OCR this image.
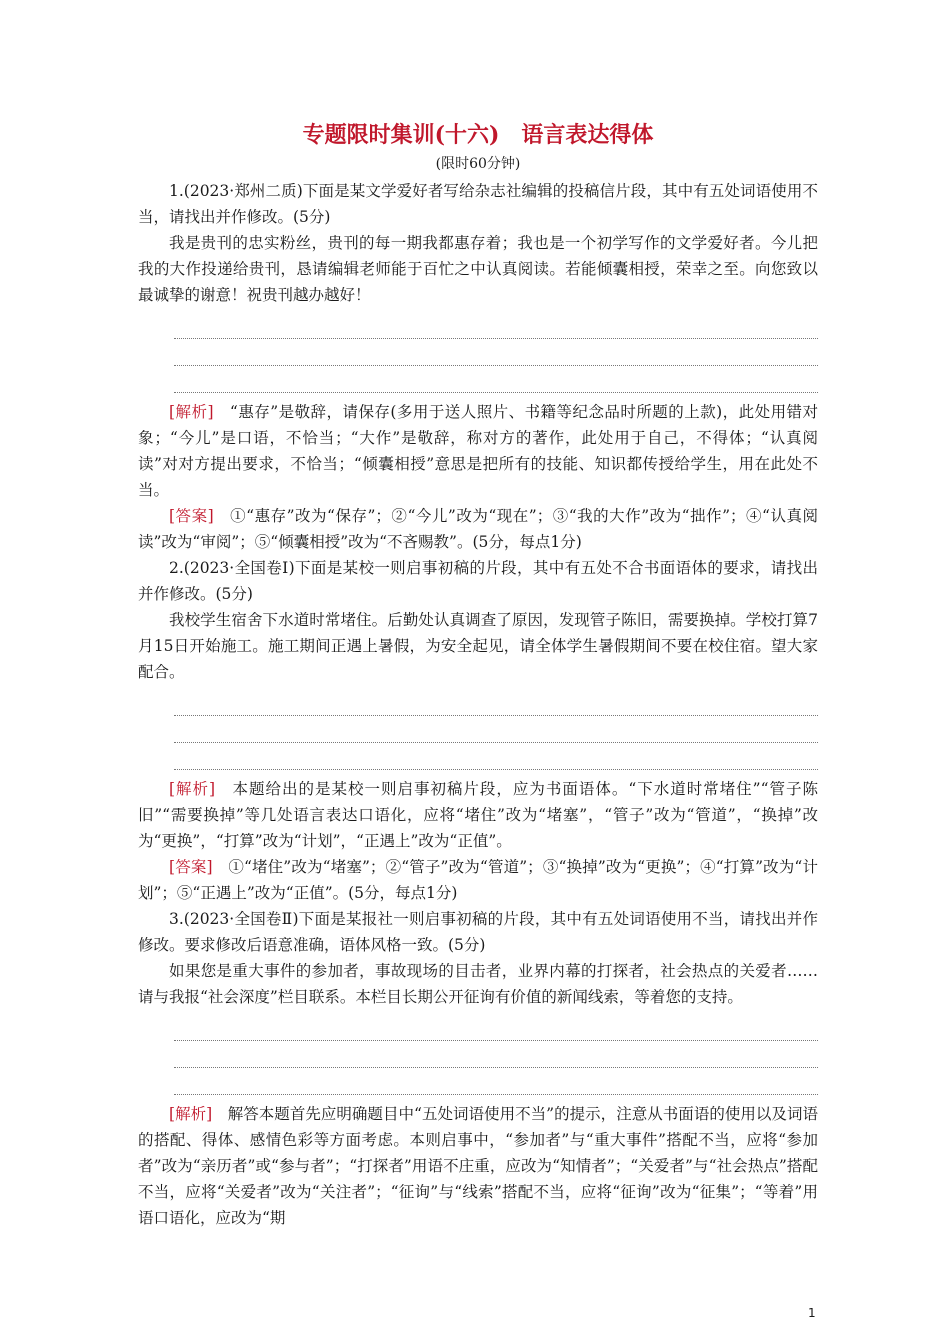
专题限时集训(十六)　语言表达得体
(限时60分钟)

1.(2023·郑州二质)下面是某文学爱好者写给杂志社编辑的投稿信片段，其中有五处词语使用不当，请找出并作修改。(5分)

我是贵刊的忠实粉丝，贵刊的每一期我都惠存着；我也是一个初学写作的文学爱好者。今儿把我的大作投递给贵刊，恳请编辑老师能于百忙之中认真阅读。若能倾囊相授，荣幸之至。向您致以最诚挚的谢意！祝贵刊越办越好！

[解析]　“惠存”是敬辞，请保存(多用于送人照片、书籍等纪念品时所题的上款)，此处用错对象；“今儿”是口语，不恰当；“大作”是敬辞，称对方的著作，此处用于自己，不得体；“认真阅读”对对方提出要求，不恰当；“倾囊相授”意思是把所有的技能、知识都传授给学生，用在此处不当。

[答案]　①“惠存”改为“保存”；②“今儿”改为“现在”；③“我的大作”改为“拙作”；④“认真阅读”改为“审阅”；⑤“倾囊相授”改为“不吝赐教”。(5分，每点1分)

2.(2023·全国卷Ⅰ)下面是某校一则启事初稿的片段，其中有五处不合书面语体的要求，请找出并作修改。(5分)

我校学生宿舍下水道时常堵住。后勤处认真调查了原因，发现管子陈旧，需要换掉。学校打算7月15日开始施工。施工期间正遇上暑假，为安全起见，请全体学生暑假期间不要在校住宿。望大家配合。

[解析]　本题给出的是某校一则启事初稿片段，应为书面语体。“下水道时常堵住”“管子陈旧”“需要换掉”等几处语言表达口语化，应将“堵住”改为“堵塞”，“管子”改为“管道”，“换掉”改为“更换”，“打算”改为“计划”，“正遇上”改为“正值”。

[答案]　①“堵住”改为“堵塞”；②“管子”改为“管道”；③“换掉”改为“更换”；④“打算”改为“计划”；⑤“正遇上”改为“正值”。(5分，每点1分)

3.(2023·全国卷Ⅱ)下面是某报社一则启事初稿的片段，其中有五处词语使用不当，请找出并作修改。要求修改后语意准确，语体风格一致。(5分)

如果您是重大事件的参加者，事故现场的目击者，业界内幕的打探者，社会热点的关爱者……请与我报“社会深度”栏目联系。本栏目长期公开征询有价值的新闻线索，等着您的支持。

[解析]　解答本题首先应明确题目中“五处词语使用不当”的提示，注意从书面语的使用以及词语的搭配、得体、感情色彩等方面考虑。本则启事中，“参加者”与“重大事件”搭配不当，应将“参加者”改为“亲历者”或“参与者”；“打探者”用语不庄重，应改为“知情者”；“关爱者”与“社会热点”搭配不当，应将“关爱者”改为“关注者”；“征询”与“线索”搭配不当，应将“征询”改为“征集”；“等着”用语口语化，应改为“期

1
